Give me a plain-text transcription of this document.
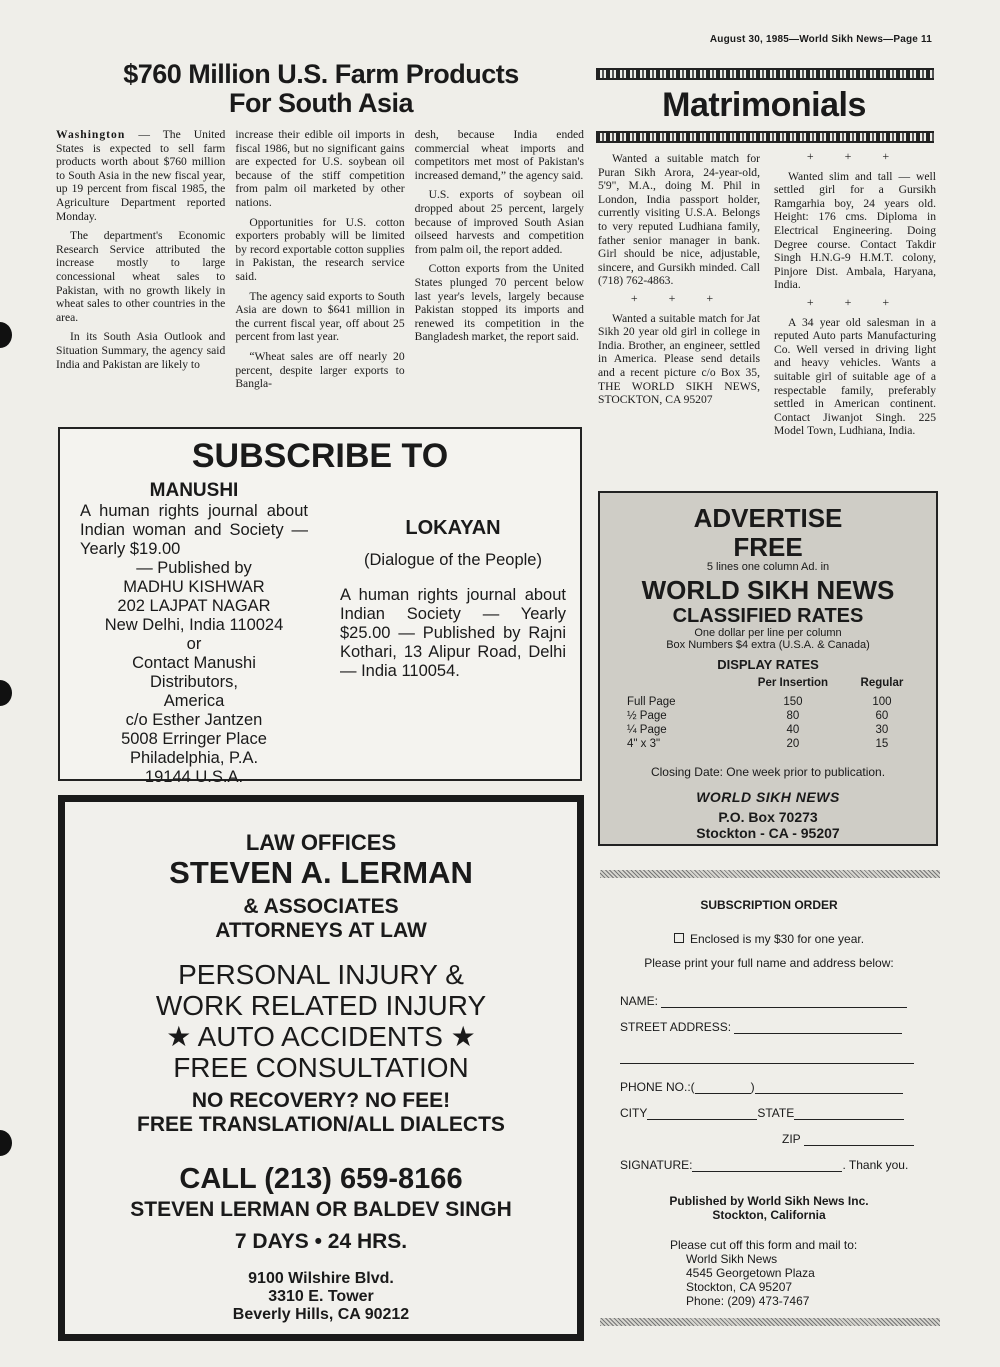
August 30, 1985—World Sikh News—Page 11
$760 Million U.S. Farm Products
For South Asia

Washington — The United States is expected to sell farm products worth about $760 million to South Asia in the new fiscal year, up 19 percent from fiscal 1985, the Agriculture Department reported Monday.

The department's Economic Research Service attributed the increase mostly to large concessional wheat sales to Pakistan, with no growth likely in wheat sales to other countries in the area.

In its South Asia Outlook and Situation Summary, the agency said India and Pakistan are likely to

increase their edible oil imports in fiscal 1986, but no significant gains are expected for U.S. soybean oil because of the stiff competition from palm oil marketed by other nations.

Opportunities for U.S. cotton exporters probably will be limited by record exportable cotton supplies in Pakistan, the research service said.

The agency said exports to South Asia are down to $641 million in the current fiscal year, off about 25 percent from last year.

“Wheat sales are off nearly 20 percent, despite larger exports to Bangla-

desh, because India ended commercial wheat imports and competitors met most of Pakistan's increased demand,” the agency said.

U.S. exports of soybean oil dropped about 25 percent, largely because of improved South Asian oilseed harvests and competition from palm oil, the report added.

Cotton exports from the United States plunged 70 percent below last year's levels, largely because Pakistan stopped its imports and renewed its competition in the Bangladesh market, the report said.

Matrimonials

Wanted a suitable match for Puran Sikh Arora, 24-year-old, 5'9", M.A., doing M. Phil in London, India passport holder, currently visiting U.S.A. Belongs to very reputed Ludhiana family, father senior manager in bank. Girl should be nice, adjustable, sincere, and Gursikh minded. Call (718) 762-4863.

+ + +

Wanted a suitable match for Jat Sikh 20 year old girl in college in India. Brother, an engineer, settled in America. Please send details and a recent picture c/o Box 35, THE WORLD SIKH NEWS, STOCKTON, CA 95207

+ + +

Wanted slim and tall — well settled girl for a Gursikh Ramgarhia boy, 24 years old. Height: 176 cms. Diploma in Electrical Engineering. Doing Degree course. Contact Takdir Singh H.N.G-9 H.M.T. colony, Pinjore Dist. Ambala, Haryana, India.

+ + +

A 34 year old salesman in a reputed Auto parts Manufacturing Co. Well versed in driving light and heavy vehicles. Wants a suitable girl of suitable age of a respectable family, preferably settled in American continent. Contact Jiwanjot Singh. 225 Model Town, Ludhiana, India.

SUBSCRIBE TO
MANUSHI
A human rights journal about Indian woman and Society — Yearly $19.00
— Published by
MADHU KISHWAR
202 LAJPAT NAGAR
New Delhi, India 110024
or
Contact Manushi
Distributors,
America
c/o Esther Jantzen
5008 Erringer Place
Philadelphia, P.A.
19144 U.S.A.
LOKAYAN
(Dialogue of the People)
A human rights journal about Indian Society — Yearly $25.00 — Published by Rajni Kothari, 13 Alipur Road, Delhi — India 110054.
LAW OFFICES
STEVEN A. LERMAN
& ASSOCIATES
ATTORNEYS AT LAW
PERSONAL INJURY &
WORK RELATED INJURY
★ AUTO ACCIDENTS ★
FREE CONSULTATION
NO RECOVERY? NO FEE!
FREE TRANSLATION/ALL DIALECTS
CALL (213) 659-8166
STEVEN LERMAN OR BALDEV SINGH
7 DAYS • 24 HRS.
9100 Wilshire Blvd.
3310 E. Tower
Beverly Hills, CA 90212
ADVERTISE
FREE
5 lines one column Ad. in
WORLD SIKH NEWS
CLASSIFIED RATES
One dollar per line per column
Box Numbers $4 extra (U.S.A. & Canada)
DISPLAY RATES
	Per Insertion	Regular
Full Page	150	100
½ Page	80	60
¼ Page	40	30
4" x 3"	20	15
Closing Date: One week prior to publication.
WORLD SIKH NEWS
P.O. Box 70273
Stockton - CA - 95207
SUBSCRIPTION ORDER
Enclosed is my $30 for one year.
Please print your full name and address below:
NAME:
STREET ADDRESS:
PHONE NO.:(	)
CITY	STATE
ZIP
SIGNATURE:	. Thank you.
Published by World Sikh News Inc.
Stockton, California
Please cut off this form and mail to:
World Sikh News
4545 Georgetown Plaza
Stockton, CA 95207
Phone: (209) 473-7467
